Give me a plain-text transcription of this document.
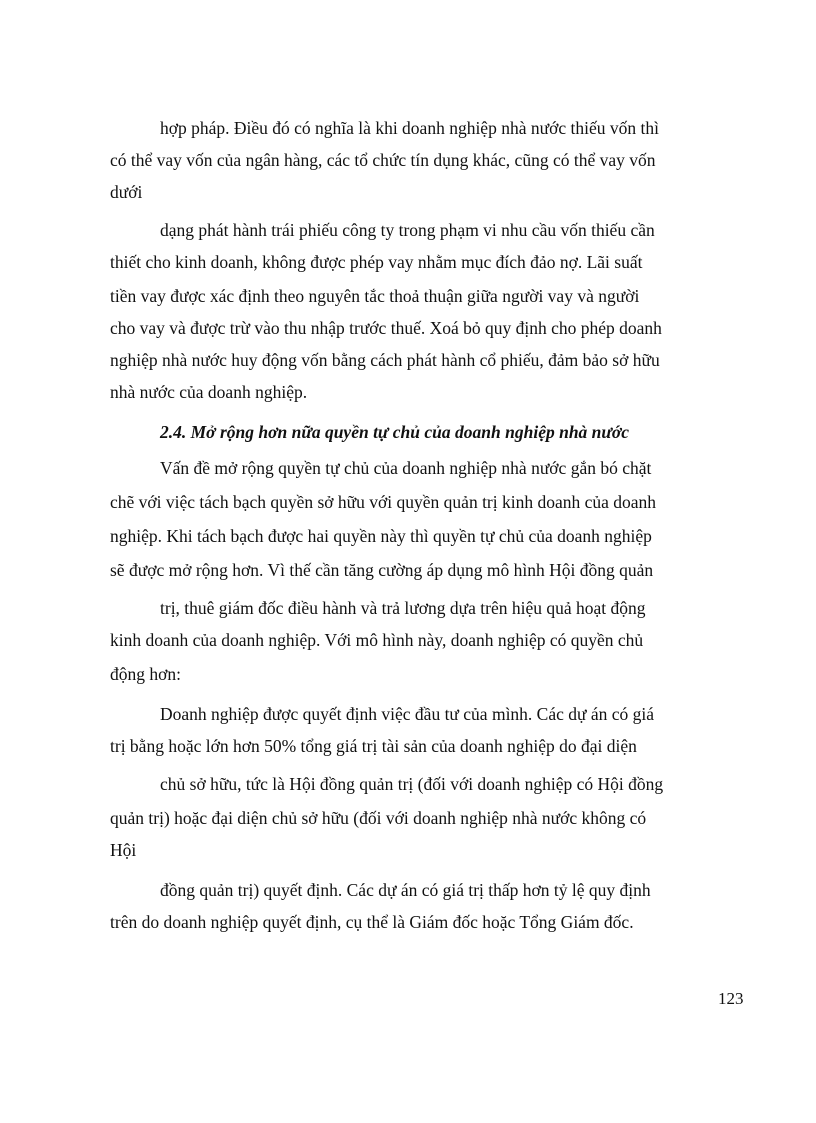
hợp pháp. Điều đó có nghĩa là khi doanh nghiệp nhà nước thiếu vốn thì
có thể vay vốn của ngân hàng, các tổ chức tín dụng khác, cũng có thể vay vốn
dưới
dạng phát hành trái phiếu công ty trong phạm vi nhu cầu vốn thiếu cần
thiết cho kinh doanh, không được phép vay nhằm mục đích đảo nợ. Lãi suất
tiền vay được xác định theo nguyên tắc thoả thuận giữa người vay và người
cho vay và được trừ vào thu nhập trước thuế. Xoá bỏ quy định cho phép doanh
nghiệp nhà nước huy động vốn bằng cách phát hành cổ phiếu, đảm bảo sở hữu
nhà nước của doanh nghiệp.
2.4. Mở rộng hơn nữa quyền tự chủ của doanh nghiệp nhà nước
Vấn đề mở rộng quyền tự chủ của doanh nghiệp nhà nước gắn bó chặt
chẽ với việc tách bạch quyền sở hữu với quyền quản trị kinh doanh của doanh
nghiệp. Khi tách bạch được hai quyền này thì quyền tự chủ của doanh nghiệp
sẽ được mở rộng hơn. Vì thế cần tăng cường áp dụng mô hình Hội đồng quản
trị, thuê giám đốc điều hành và trả lương dựa trên hiệu quả hoạt động
kinh doanh của doanh nghiệp. Với mô hình này, doanh nghiệp có quyền chủ
động hơn:
Doanh nghiệp được quyết định việc đầu tư của mình. Các dự án có giá
trị bằng hoặc lớn hơn 50% tổng giá trị tài sản của doanh nghiệp do đại diện
chủ sở hữu, tức là Hội đồng quản trị (đối với doanh nghiệp có Hội đồng
quản trị) hoặc đại diện chủ sở hữu (đối với doanh nghiệp nhà nước không có
Hội
đồng quản trị) quyết định. Các dự án có giá trị thấp hơn tỷ lệ quy định
trên do doanh nghiệp quyết định, cụ thể là Giám đốc hoặc Tổng Giám đốc.
123
